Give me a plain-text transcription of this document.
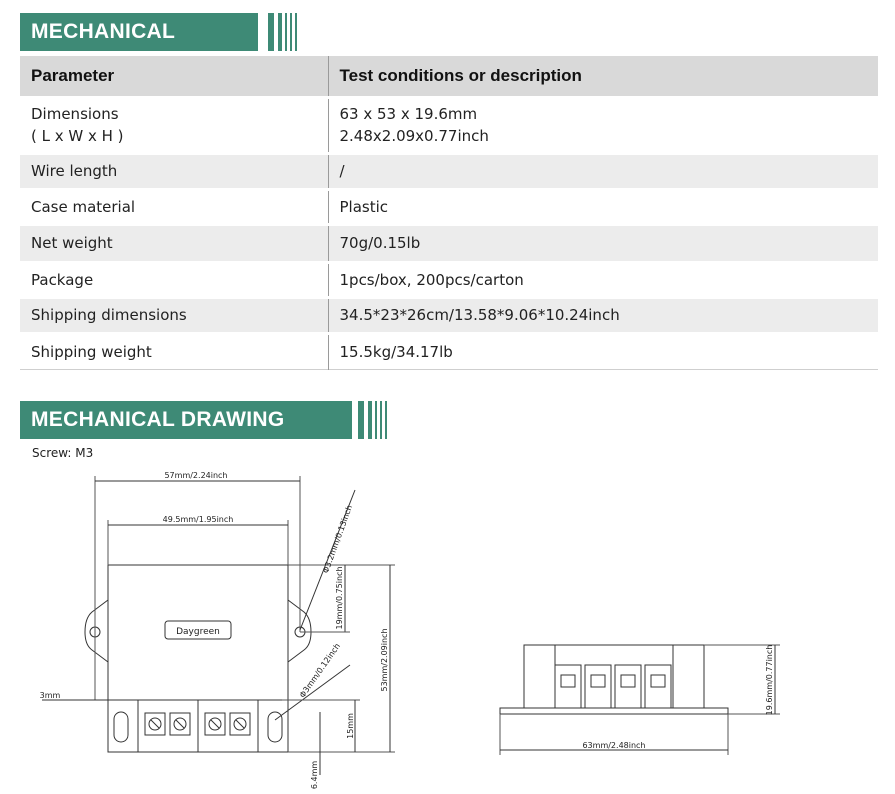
MECHANICAL
Parameter	Test conditions or description

Dimensions
( L x W x H )	63 x 53 x 19.6mm
2.48x2.09x0.77inch

Wire length	/
Case material	Plastic
Net weight	70g/0.15lb
Package	1pcs/box, 200pcs/carton
Shipping dimensions	34.5*23*26cm/13.58*9.06*10.24inch
Shipping weight	15.5kg/34.17lb
MECHANICAL DRAWING
Screw: M3
57mm/2.24inch
49.5mm/1.95inch
Daygreen
3mm
Φ3.2mm/0.13inch
19mm/0.75inch
53mm/2.09inch
Φ3mm/0.12inch
15mm
6.4mm
19.6mm/0.77inch
63mm/2.48inch
